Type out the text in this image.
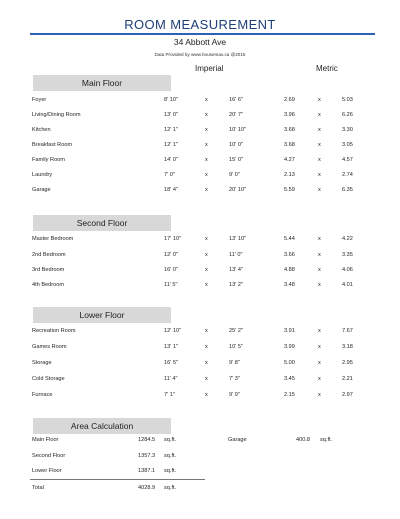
ROOM MEASUREMENT
34 Abbott Ave
Data Provided by www.housemax.ca @2015
Imperial	Metric
Main Floor
Foyer	8' 10"	x	16' 6"	2.69	x	5.03
Living/Dining Room	13' 0"	x	20' 7"	3.96	x	6.26
Kitchen	12' 1"	x	10' 10"	3.68	x	3.30
Breakfast Room	12' 1"	x	10' 0"	3.68	x	3.05
Family Room	14' 0"	x	15' 0"	4.27	x	4.57
Laundry	7' 0"	x	9' 0"	2.13	x	2.74
Garage	18' 4"	x	20' 10"	5.59	x	6.35
Second Floor
Master Bedroom	17' 10"	x	13' 10"	5.44	x	4.22
2nd Bedroom	12' 0"	x	11' 0"	3.66	x	3.35
3rd Bedroom	16' 0"	x	13' 4"	4.88	x	4.06
4th Bedroom	11' 5"	x	13' 2"	3.48	x	4.01
Lower Floor
Recreation Room	12' 10"	x	25' 2"	3.91	x	7.67
Games Room	13' 1"	x	10' 5"	3.99	x	3.18
Storage	16' 5"	x	9' 8"	5.00	x	2.95
Cold Storage	11' 4"	x	7' 3"	3.45	x	2.21
Furnace	7' 1"	x	9' 9"	2.15	x	2.97
Area Calculation
Main Floor	1284.5 sq.ft.	Garage	400.8 sq.ft.
Second Floor	1357.3 sq.ft.
Lower Floor	1387.1 sq.ft.
Total	4028.9 sq.ft.
